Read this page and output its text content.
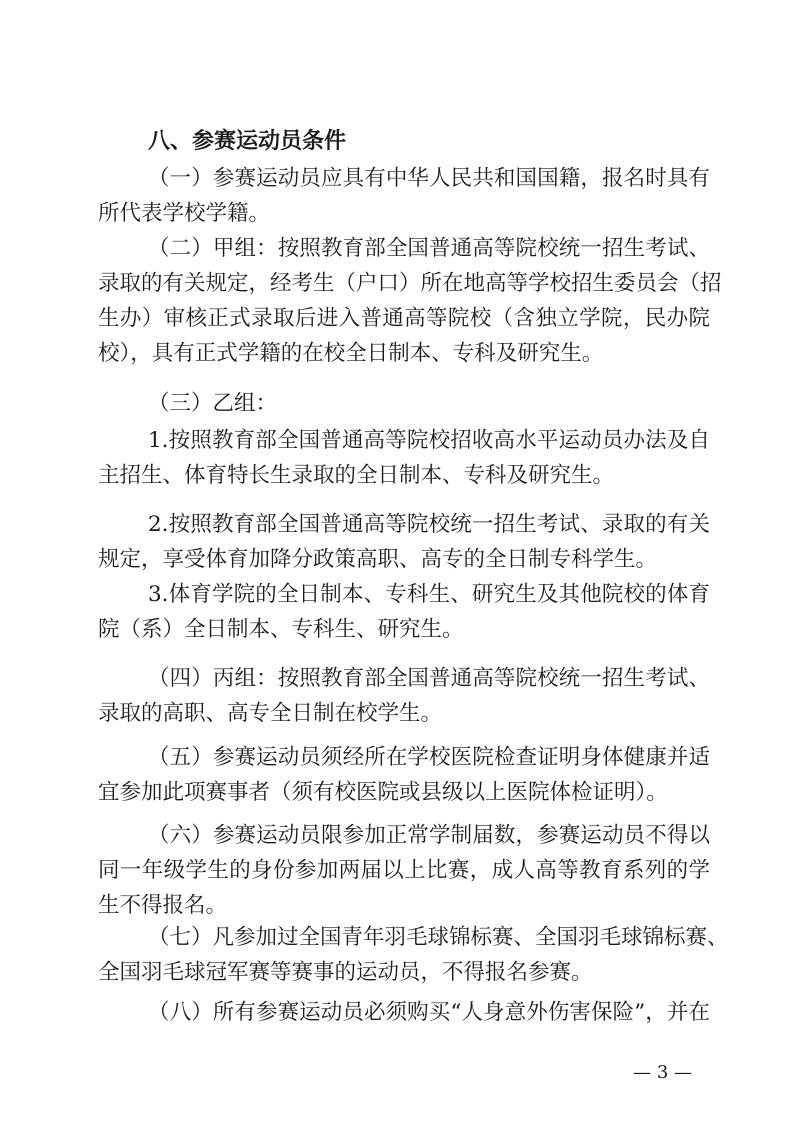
八、参赛运动员条件
（一）参赛运动员应具有中华人民共和国国籍，报名时具有
所代表学校学籍。
（二）甲组：按照教育部全国普通高等院校统一招生考试、
录取的有关规定，经考生（户口）所在地高等学校招生委员会（招
生办）审核正式录取后进入普通高等院校（含独立学院，民办院
校），具有正式学籍的在校全日制本、专科及研究生。
（三）乙组：
1.按照教育部全国普通高等院校招收高水平运动员办法及自
主招生、体育特长生录取的全日制本、专科及研究生。
2.按照教育部全国普通高等院校统一招生考试、录取的有关
规定，享受体育加降分政策高职、高专的全日制专科学生。
3.体育学院的全日制本、专科生、研究生及其他院校的体育
院（系）全日制本、专科生、研究生。
（四）丙组：按照教育部全国普通高等院校统一招生考试、
录取的高职、高专全日制在校学生。
（五）参赛运动员须经所在学校医院检查证明身体健康并适
宜参加此项赛事者（须有校医院或县级以上医院体检证明）。
（六）参赛运动员限参加正常学制届数，参赛运动员不得以
同一年级学生的身份参加两届以上比赛，成人高等教育系列的学
生不得报名。
（七）凡参加过全国青年羽毛球锦标赛、全国羽毛球锦标赛、
全国羽毛球冠军赛等赛事的运动员，不得报名参赛。
（八）所有参赛运动员必须购买“人身意外伤害保险”，并在
— 3 —
